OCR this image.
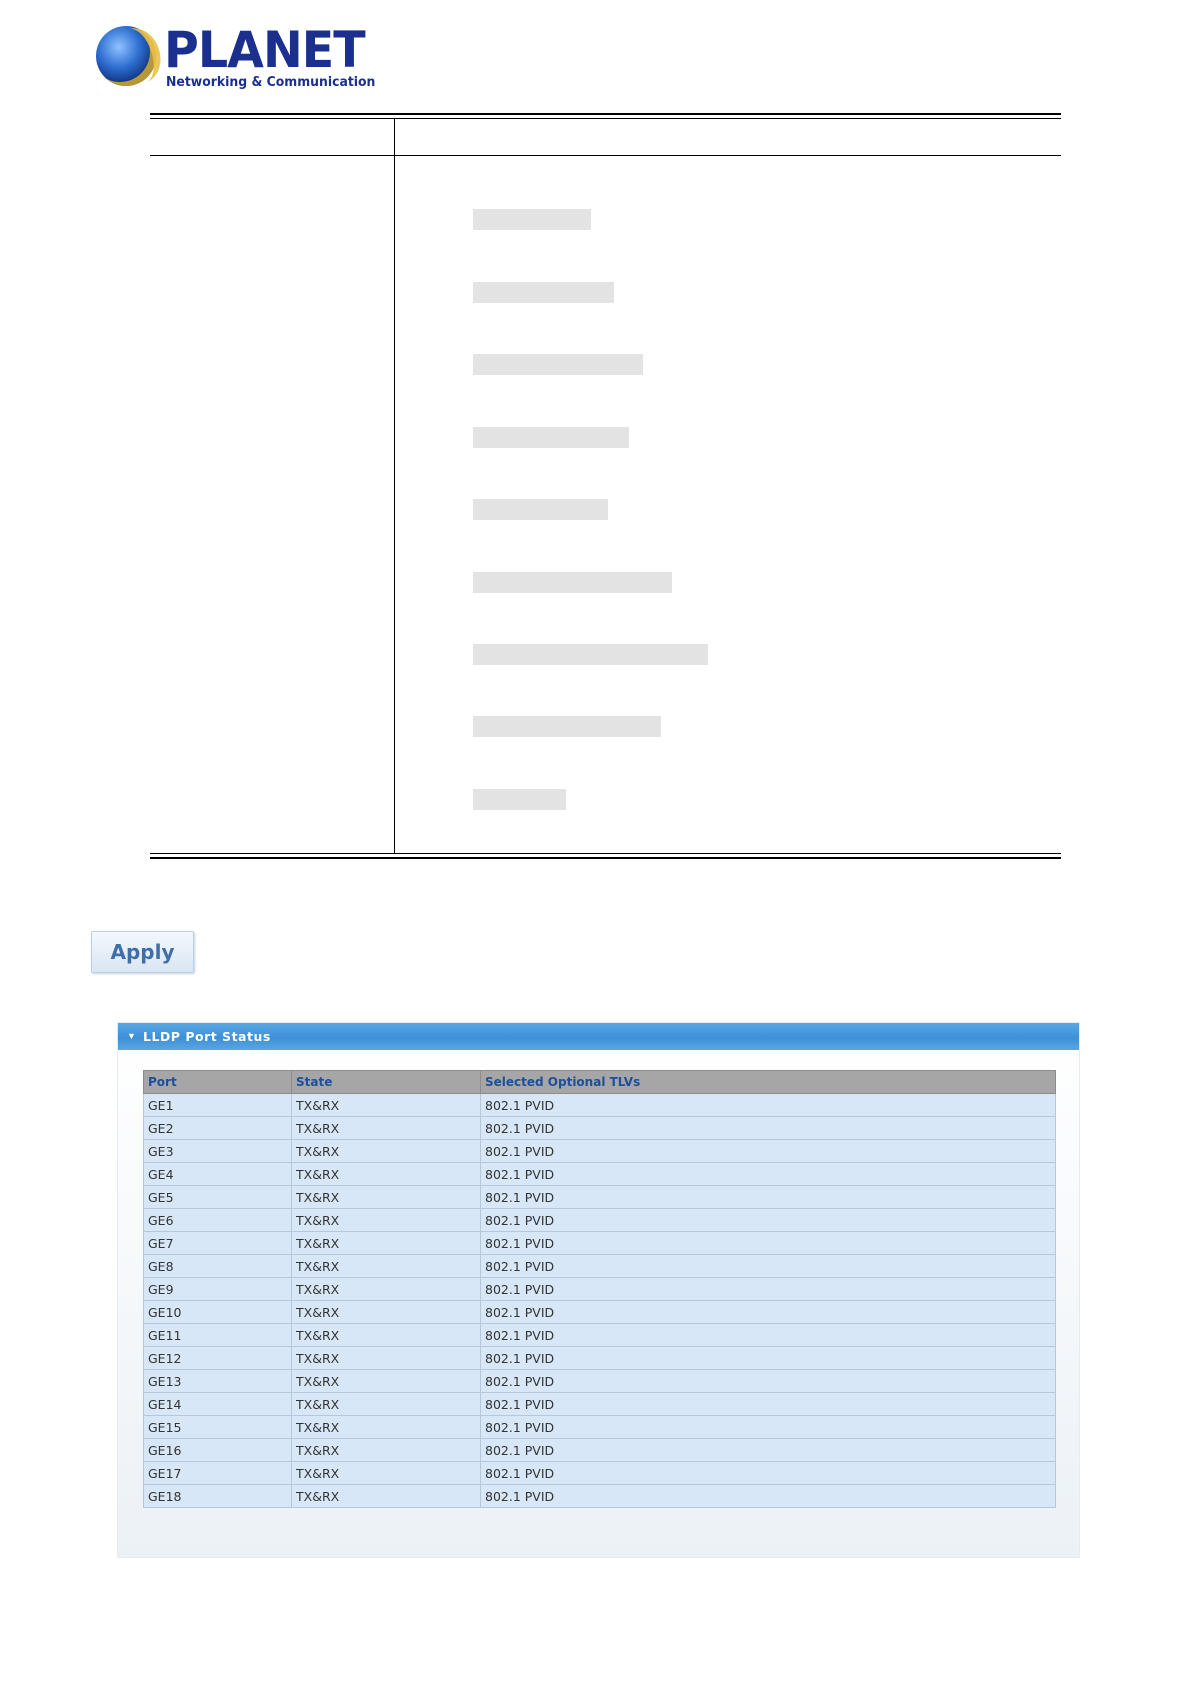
PLANET
Networking & Communication
Apply
▼ LLDP Port Status
Port	State	Selected Optional TLVs
GE1	TX&RX	802.1 PVID
GE2	TX&RX	802.1 PVID
GE3	TX&RX	802.1 PVID
GE4	TX&RX	802.1 PVID
GE5	TX&RX	802.1 PVID
GE6	TX&RX	802.1 PVID
GE7	TX&RX	802.1 PVID
GE8	TX&RX	802.1 PVID
GE9	TX&RX	802.1 PVID
GE10	TX&RX	802.1 PVID
GE11	TX&RX	802.1 PVID
GE12	TX&RX	802.1 PVID
GE13	TX&RX	802.1 PVID
GE14	TX&RX	802.1 PVID
GE15	TX&RX	802.1 PVID
GE16	TX&RX	802.1 PVID
GE17	TX&RX	802.1 PVID
GE18	TX&RX	802.1 PVID
